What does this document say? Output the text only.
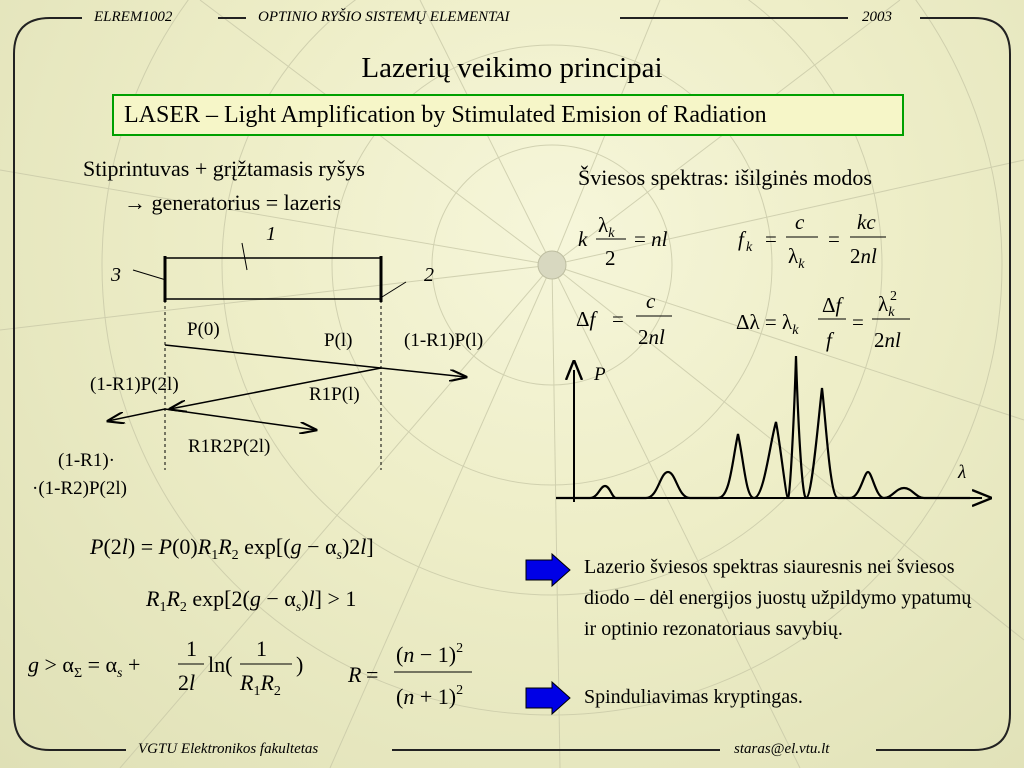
ELREM1002	OPTINIO RYŠIO SISTEMŲ ELEMENTAI	2003
VGTU Elektronikos fakultetas	staras@el.vtu.lt
Lazerių veikimo principai
LASER – Light Amplification by Stimulated Emision of Radiation
Stiprintuvas + grįžtamasis ryšys
→ generatorius = lazeris
1
3	2
P(0)
P(l)	(1-R1)P(l)
(1-R1)P(2l)	R1P(l)
R1R2P(2l)
(1-R1)·
·(1-R2)P(2l)
Šviesos spektras: išilginės modos
k
$\lambda_k$
2
= nl	f k =
c
$\lambda_k$
=
kc
2nl
Δf =
c
2nl
$\Delta\lambda = \lambda_k$
Δf
f
=
$\lambda_k$
2
2nl
P
λ
$P(2l) = P(0)R_1R_2$ $\exp[(g - \alpha_s)2l]$
$R_1R_2$ $\exp[2(g - \alpha_s)l] > 1$
$g > \alpha_\Sigma = \alpha_s$ +
1
2l
ln(
1
$R_1R_2$
) R =
$(n - 1)^2$
$(n + 1)^2$
Lazerio šviesos spektras siauresnis nei šviesos diodo – dėl energijos juostų užpildymo ypatumų ir optinio rezonatoriaus savybių.
Spinduliavimas kryptingas.
